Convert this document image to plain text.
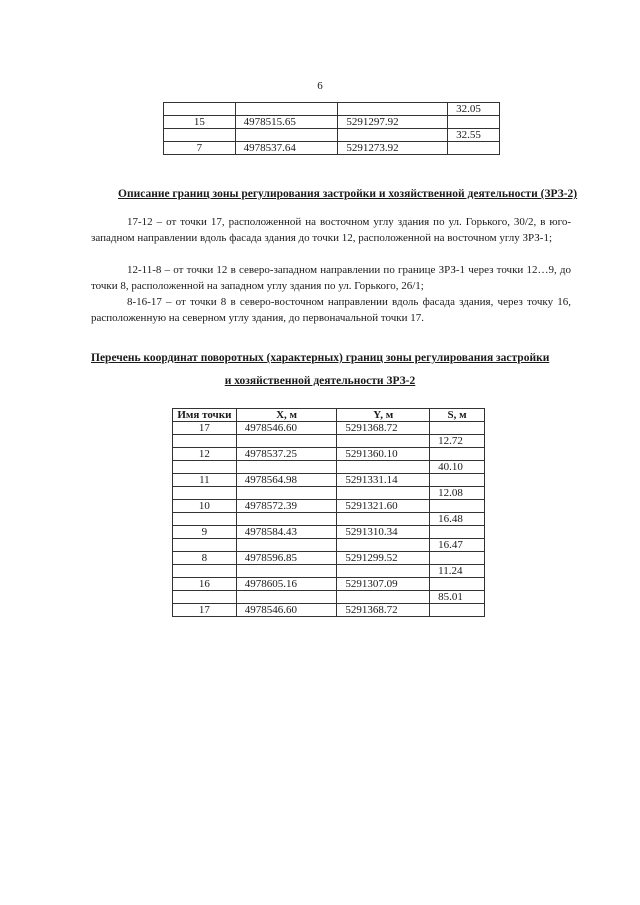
6
			32.05
15	4978515.65	5291297.92	
			32.55
7	4978537.64	5291273.92	
Описание границ зоны регулирования застройки и хозяйственной деятельности (ЗРЗ-2)
17-12 – от точки 17, расположенной на восточном углу здания по ул. Горького, 30/2, в юго-западном направлении вдоль фасада здания до точки 12, расположенной на восточном углу ЗРЗ-1;
12-11-8 – от точки 12 в северо-западном направлении по границе ЗРЗ-1 через точки 12…9, до точки 8, расположенной на западном углу здания по ул. Горького, 26/1;
8-16-17 – от точки 8 в северо-восточном направлении вдоль фасада здания, через точку 16, расположенную на северном углу здания, до первоначальной точки 17.
Перечень координат поворотных (характерных) границ зоны регулирования застройки
и хозяйственной деятельности ЗРЗ-2
Имя точки	X, м	Y, м	S, м
17	4978546.60	5291368.72	
			12.72
12	4978537.25	5291360.10	
			40.10
11	4978564.98	5291331.14	
			12.08
10	4978572.39	5291321.60	
			16.48
9	4978584.43	5291310.34	
			16.47
8	4978596.85	5291299.52	
			11.24
16	4978605.16	5291307.09	
			85.01
17	4978546.60	5291368.72	
